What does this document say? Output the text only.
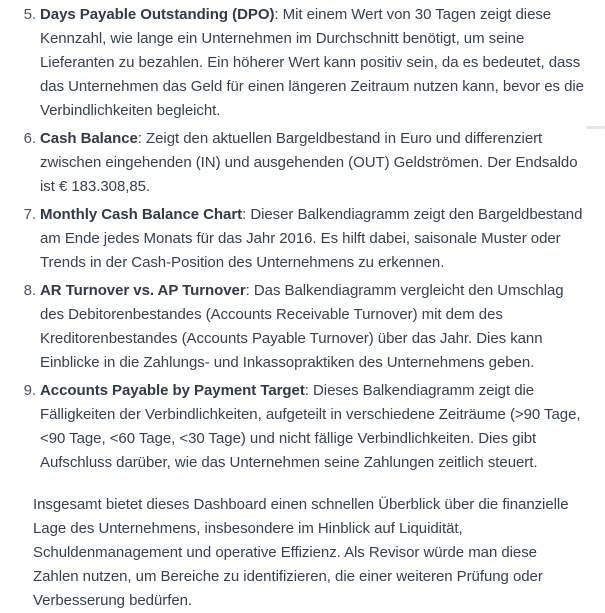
5. Days Payable Outstanding (DPO): Mit einem Wert von 30 Tagen zeigt diese Kennzahl, wie lange ein Unternehmen im Durchschnitt benötigt, um seine Lieferanten zu bezahlen. Ein höherer Wert kann positiv sein, da es bedeutet, dass das Unternehmen das Geld für einen längeren Zeitraum nutzen kann, bevor es die Verbindlichkeiten begleicht.
6. Cash Balance: Zeigt den aktuellen Bargeldbestand in Euro und differenziert zwischen eingehenden (IN) und ausgehenden (OUT) Geldströmen. Der Endsaldo ist € 183.308,85.
7. Monthly Cash Balance Chart: Dieser Balkendiagramm zeigt den Bargeldbestand am Ende jedes Monats für das Jahr 2016. Es hilft dabei, saisonale Muster oder Trends in der Cash-Position des Unternehmens zu erkennen.
8. AR Turnover vs. AP Turnover: Das Balkendiagramm vergleicht den Umschlag des Debitorenbestandes (Accounts Receivable Turnover) mit dem des Kreditorenbestandes (Accounts Payable Turnover) über das Jahr. Dies kann Einblicke in die Zahlungs- und Inkassopraktiken des Unternehmens geben.
9. Accounts Payable by Payment Target: Dieses Balkendiagramm zeigt die Fälligkeiten der Verbindlichkeiten, aufgeteilt in verschiedene Zeiträume (>90 Tage, <90 Tage, <60 Tage, <30 Tage) und nicht fällige Verbindlichkeiten. Dies gibt Aufschluss darüber, wie das Unternehmen seine Zahlungen zeitlich steuert.

Insgesamt bietet dieses Dashboard einen schnellen Überblick über die finanzielle Lage des Unternehmens, insbesondere im Hinblick auf Liquidität, Schuldenmanagement und operative Effizienz. Als Revisor würde man diese Zahlen nutzen, um Bereiche zu identifizieren, die einer weiteren Prüfung oder Verbesserung bedürfen.
